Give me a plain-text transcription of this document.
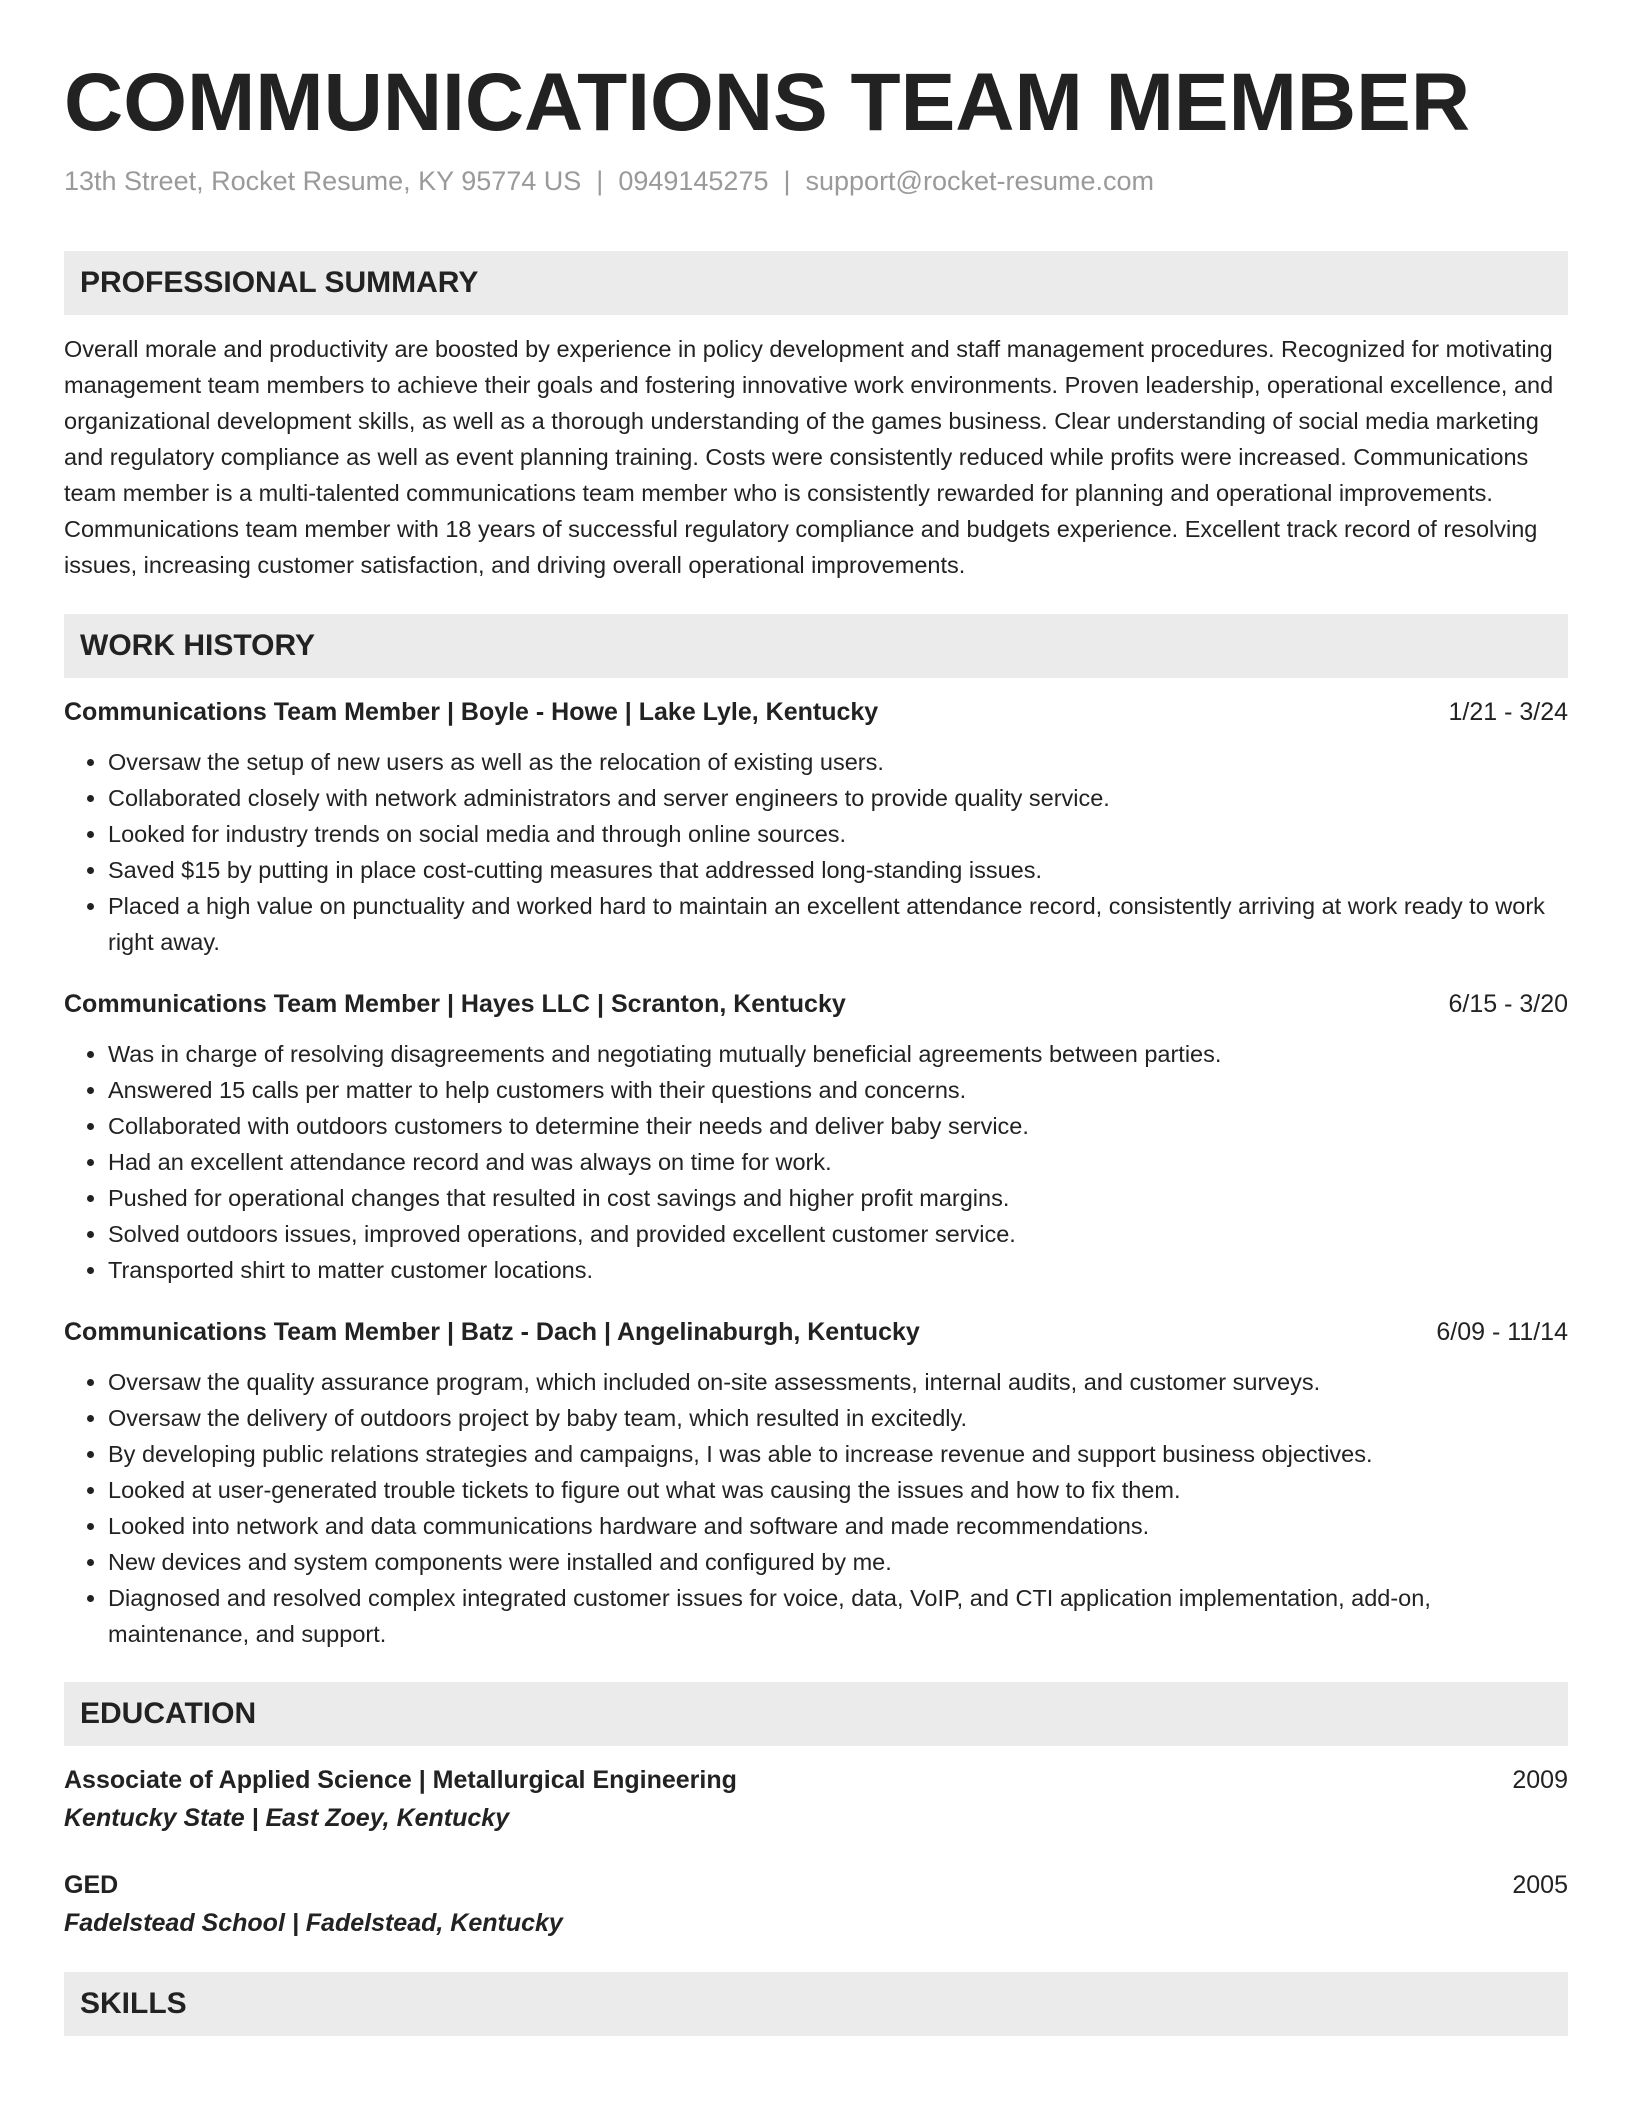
COMMUNICATIONS TEAM MEMBER
13th Street, Rocket Resume, KY 95774 US | 0949145275 | support@rocket-resume.com
PROFESSIONAL SUMMARY

Overall morale and productivity are boosted by experience in policy development and staff management procedures. Recognized for motivating management team members to achieve their goals and fostering innovative work environments. Proven leadership, operational excellence, and organizational development skills, as well as a thorough understanding of the games business. Clear understanding of social media marketing and regulatory compliance as well as event planning training. Costs were consistently reduced while profits were increased. Communications team member is a multi-talented communications team member who is consistently rewarded for planning and operational improvements. Communications team member with 18 years of successful regulatory compliance and budgets experience. Excellent track record of resolving issues, increasing customer satisfaction, and driving overall operational improvements.

WORK HISTORY
Communications Team Member | Boyle - Howe | Lake Lyle, Kentucky	1/21 - 3/24
• Oversaw the setup of new users as well as the relocation of existing users.
• Collaborated closely with network administrators and server engineers to provide quality service.
• Looked for industry trends on social media and through online sources.
• Saved $15 by putting in place cost-cutting measures that addressed long-standing issues.
• Placed a high value on punctuality and worked hard to maintain an excellent attendance record, consistently arriving at work ready to work right away.
Communications Team Member | Hayes LLC | Scranton, Kentucky	6/15 - 3/20
• Was in charge of resolving disagreements and negotiating mutually beneficial agreements between parties.
• Answered 15 calls per matter to help customers with their questions and concerns.
• Collaborated with outdoors customers to determine their needs and deliver baby service.
• Had an excellent attendance record and was always on time for work.
• Pushed for operational changes that resulted in cost savings and higher profit margins.
• Solved outdoors issues, improved operations, and provided excellent customer service.
• Transported shirt to matter customer locations.
Communications Team Member | Batz - Dach | Angelinaburgh, Kentucky	6/09 - 11/14
• Oversaw the quality assurance program, which included on-site assessments, internal audits, and customer surveys.
• Oversaw the delivery of outdoors project by baby team, which resulted in excitedly.
• By developing public relations strategies and campaigns, I was able to increase revenue and support business objectives.
• Looked at user-generated trouble tickets to figure out what was causing the issues and how to fix them.
• Looked into network and data communications hardware and software and made recommendations.
• New devices and system components were installed and configured by me.
• Diagnosed and resolved complex integrated customer issues for voice, data, VoIP, and CTI application implementation, add-on, maintenance, and support.
EDUCATION
Associate of Applied Science | Metallurgical Engineering	2009
Kentucky State | East Zoey, Kentucky
GED	2005
Fadelstead School | Fadelstead, Kentucky
SKILLS
